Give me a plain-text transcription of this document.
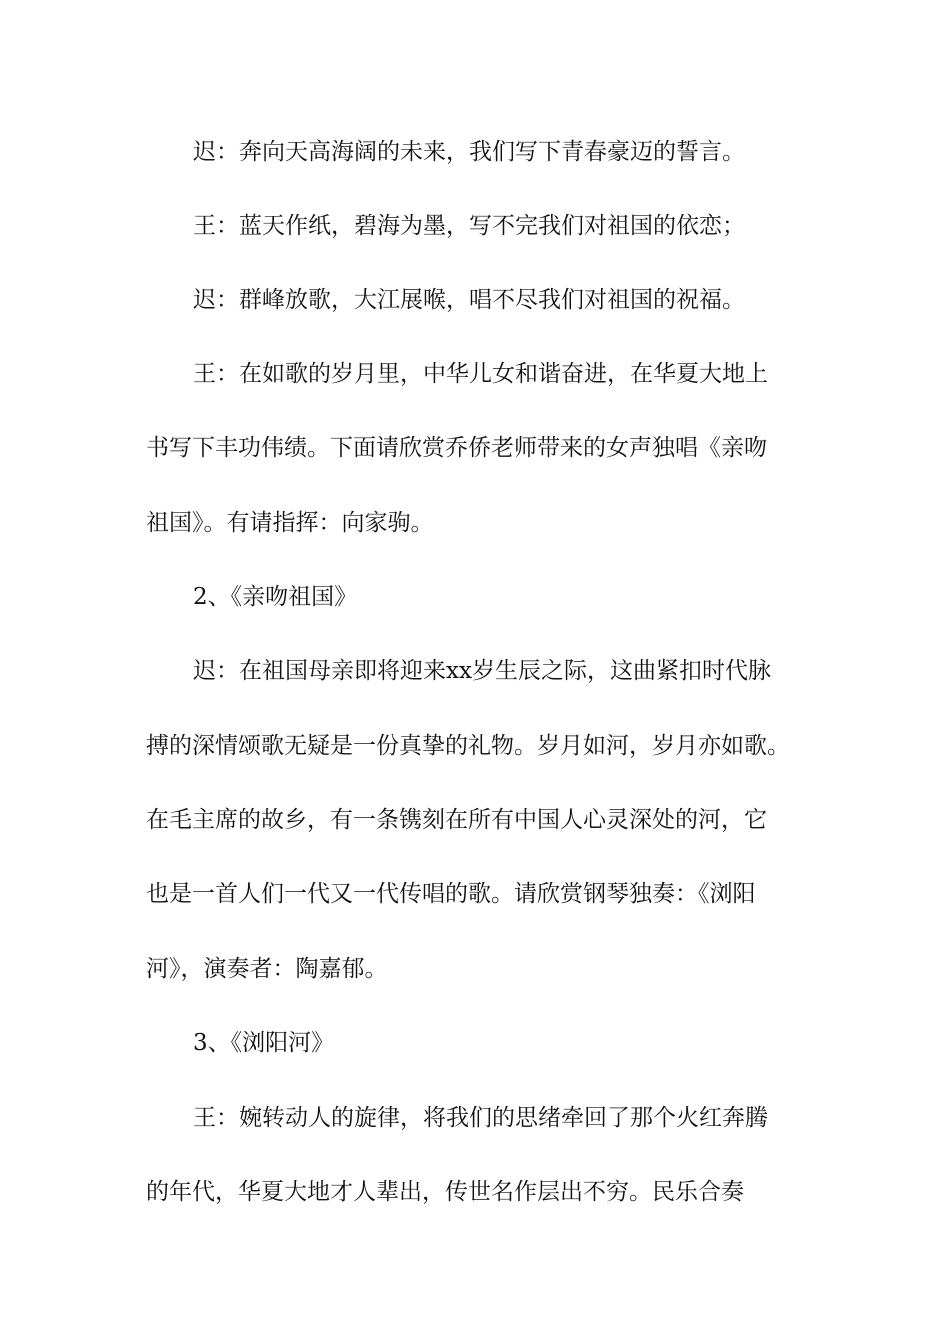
迟：奔向天高海阔的未来，我们写下青春豪迈的誓言。
王：蓝天作纸，碧海为墨，写不完我们对祖国的依恋；
迟：群峰放歌，大江展喉，唱不尽我们对祖国的祝福。
王：在如歌的岁月里，中华儿女和谐奋进，在华夏大地上
书写下丰功伟绩。下面请欣赏乔侨老师带来的女声独唱《亲吻
祖国》。有请指挥：向家驹。
2、《亲吻祖国》
迟：在祖国母亲即将迎来xx岁生辰之际，这曲紧扣时代脉
搏的深情颂歌无疑是一份真挚的礼物。岁月如河，岁月亦如歌。
在毛主席的故乡，有一条镌刻在所有中国人心灵深处的河，它
也是一首人们一代又一代传唱的歌。请欣赏钢琴独奏：《浏阳
河》，演奏者：陶嘉郁。
3、《浏阳河》
王：婉转动人的旋律，将我们的思绪牵回了那个火红奔腾
的年代，华夏大地才人辈出，传世名作层出不穷。民乐合奏
